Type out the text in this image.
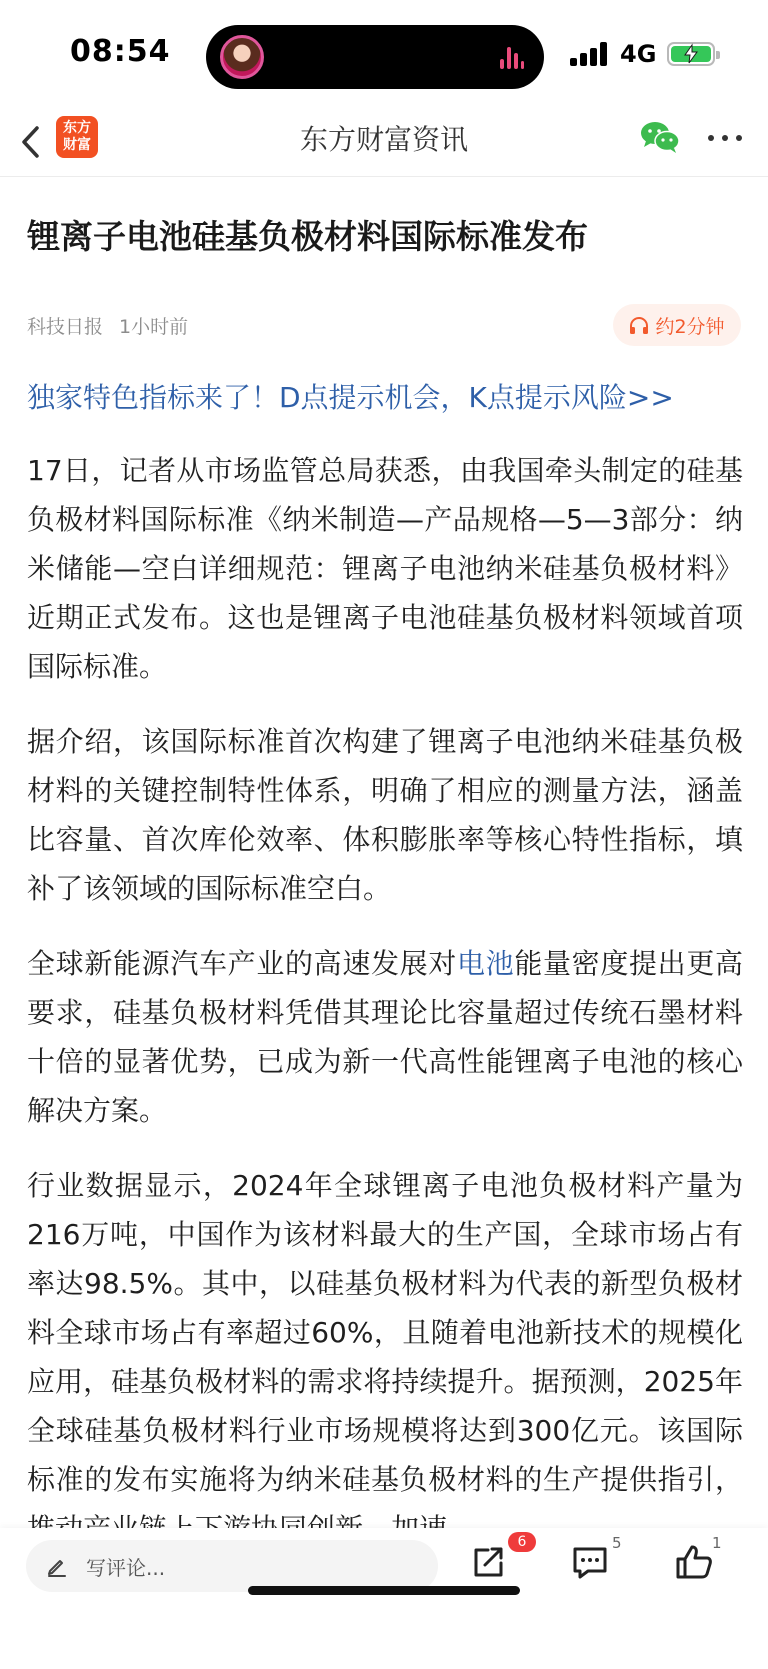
08:54	4G
东方
财富	东方财富资讯
锂离子电池硅基负极材料国际标准发布
科技日报 1小时前	约2分钟
独家特色指标来了！D点提示机会，K点提示风险>>

17日，记者从市场监管总局获悉，由我国牵头制定的硅基负极材料国际标准《纳米制造—产品规格—5—3部分：纳米储能—空白详细规范：锂离子电池纳米硅基负极材料》近期正式发布。这也是锂离子电池硅基负极材料领域首项国际标准。

据介绍，该国际标准首次构建了锂离子电池纳米硅基负极材料的关键控制特性体系，明确了相应的测量方法，涵盖比容量、首次库伦效率、体积膨胀率等核心特性指标，填补了该领域的国际标准空白。

全球新能源汽车产业的高速发展对电池能量密度提出更高要求，硅基负极材料凭借其理论比容量超过传统石墨材料十倍的显著优势，已成为新一代高性能锂离子电池的核心解决方案。

行业数据显示，2024年全球锂离子电池负极材料产量为216万吨，中国作为该材料最大的生产国，全球市场占有率达98.5%。其中，以硅基负极材料为代表的新型负极材料全球市场占有率超过60%，且随着电池新技术的规模化应用，硅基负极材料的需求将持续提升。据预测，2025年全球硅基负极材料行业市场规模将达到300亿元。该国际标准的发布实施将为纳米硅基负极材料的生产提供指引，

写评论...
6	5	1
